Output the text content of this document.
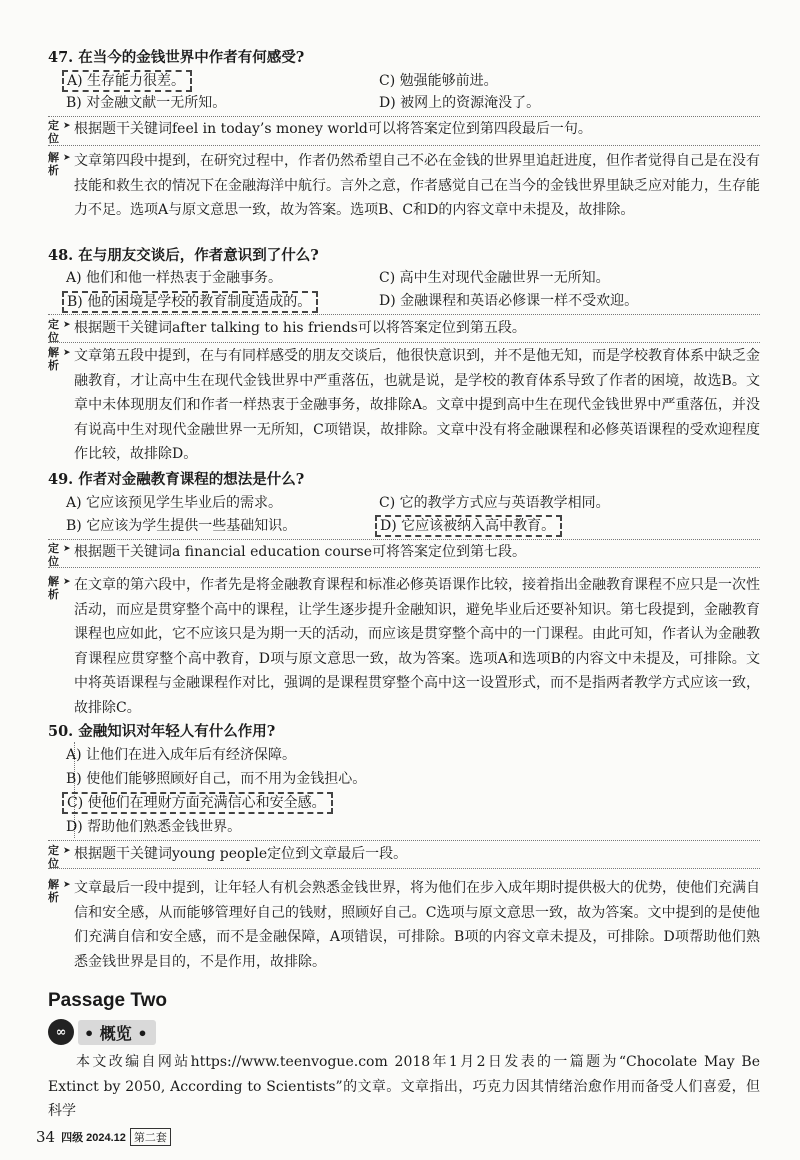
47. 在当今的金钱世界中作者有何感受?
A) 生存能力很差。	C) 勉强能够前进。
B) 对金融文献一无所知。	D) 被网上的资源淹没了。
定位
➤ 根据题干关键词feel in today’s money world可以将答案定位到第四段最后一句。
解析
➤ 文章第四段中提到，在研究过程中，作者仍然希望自己不必在金钱的世界里追赶进度，但作者觉得自己是在没有技能和救生衣的情况下在金融海洋中航行。言外之意，作者感觉自己在当今的金钱世界里缺乏应对能力，生存能力不足。选项A与原文意思一致，故为答案。选项B、C和D的内容文章中未提及，故排除。
48. 在与朋友交谈后，作者意识到了什么?
A) 他们和他一样热衷于金融事务。	C) 高中生对现代金融世界一无所知。
B) 他的困境是学校的教育制度造成的。	D) 金融课程和英语必修课一样不受欢迎。
定位
➤ 根据题干关键词after talking to his friends可以将答案定位到第五段。
解析
➤ 文章第五段中提到，在与有同样感受的朋友交谈后，他很快意识到，并不是他无知，而是学校教育体系中缺乏金融教育，才让高中生在现代金钱世界中严重落伍，也就是说，是学校的教育体系导致了作者的困境，故选B。文章中未体现朋友们和作者一样热衷于金融事务，故排除A。文章中提到高中生在现代金钱世界中严重落伍，并没有说高中生对现代金融世界一无所知，C项错误，故排除。文章中没有将金融课程和必修英语课程的受欢迎程度作比较，故排除D。
49. 作者对金融教育课程的想法是什么?
A) 它应该预见学生毕业后的需求。	C) 它的教学方式应与英语教学相同。
B) 它应该为学生提供一些基础知识。	D) 它应该被纳入高中教育。
定位
➤ 根据题干关键词a financial education course可将答案定位到第七段。
解析
➤ 在文章的第六段中，作者先是将金融教育课程和标准必修英语课作比较，接着指出金融教育课程不应只是一次性活动，而应是贯穿整个高中的课程，让学生逐步提升金融知识，避免毕业后还要补知识。第七段提到，金融教育课程也应如此，它不应该只是为期一天的活动，而应该是贯穿整个高中的一门课程。由此可知，作者认为金融教育课程应贯穿整个高中教育，D项与原文意思一致，故为答案。选项A和选项B的内容文中未提及，可排除。文中将英语课程与金融课程作对比，强调的是课程贯穿整个高中这一设置形式，而不是指两者教学方式应该一致，故排除C。
50. 金融知识对年轻人有什么作用?
A) 让他们在进入成年后有经济保障。
B) 使他们能够照顾好自己，而不用为金钱担心。
C) 使他们在理财方面充满信心和安全感。
D) 帮助他们熟悉金钱世界。
定位
➤ 根据题干关键词young people定位到文章最后一段。
解析
➤ 文章最后一段中提到，让年轻人有机会熟悉金钱世界，将为他们在步入成年期时提供极大的优势，使他们充满自信和安全感，从而能够管理好自己的钱财，照顾好自己。C选项与原文意思一致，故为答案。文中提到的是使他们充满自信和安全感，而不是金融保障，A项错误，可排除。B项的内容文章未提及，可排除。D项帮助他们熟悉金钱世界是目的，不是作用，故排除。
Passage Two
∞	• 概览 •
本文改编自网站https://www.teenvogue.com 2018年1月2日发表的一篇题为“Chocolate May Be Extinct by 2050, According to Scientists”的文章。文章指出，巧克力因其情绪治愈作用而备受人们喜爱，但科学
34 四级 2024.12 第二套
